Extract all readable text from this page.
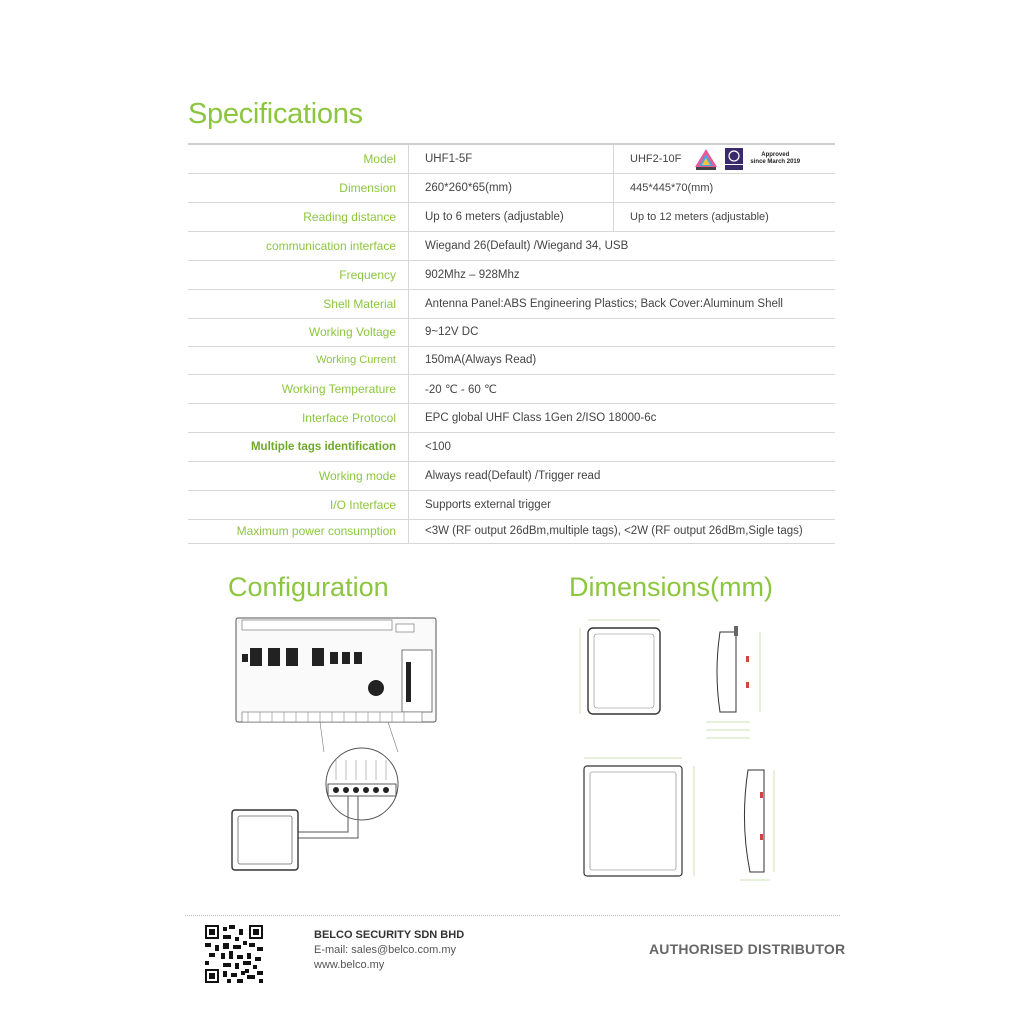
Specifications
Model	UHF1-5F	UHF2-10F Approved
since March 2019

Dimension	260*260*65(mm)	445*445*70(mm)
Reading distance	Up to 6 meters (adjustable)	Up to 12 meters (adjustable)
communication interface	Wiegand 26(Default) /Wiegand 34, USB	
Frequency	902Mhz – 928Mhz	
Shell Material	Antenna Panel:ABS Engineering Plastics; Back Cover:Aluminum Shell	
Working Voltage	9~12V DC	
Working Current	150mA(Always Read)	
Working Temperature	-20 ℃ - 60 ℃	
Interface Protocol	EPC global UHF Class 1Gen 2/ISO 18000-6c	
Multiple tags identification	<100	
Working mode	Always read(Default) /Trigger read	
I/O Interface	Supports external trigger	
Maximum power consumption	<3W (RF output 26dBm,multiple tags), <2W (RF output 26dBm,Sigle tags)	
Configuration	Dimensions(mm)
BELCO SECURITY SDN BHD
E-mail: sales@belco.com.my
www.belco.my
AUTHORISED DISTRIBUTOR
